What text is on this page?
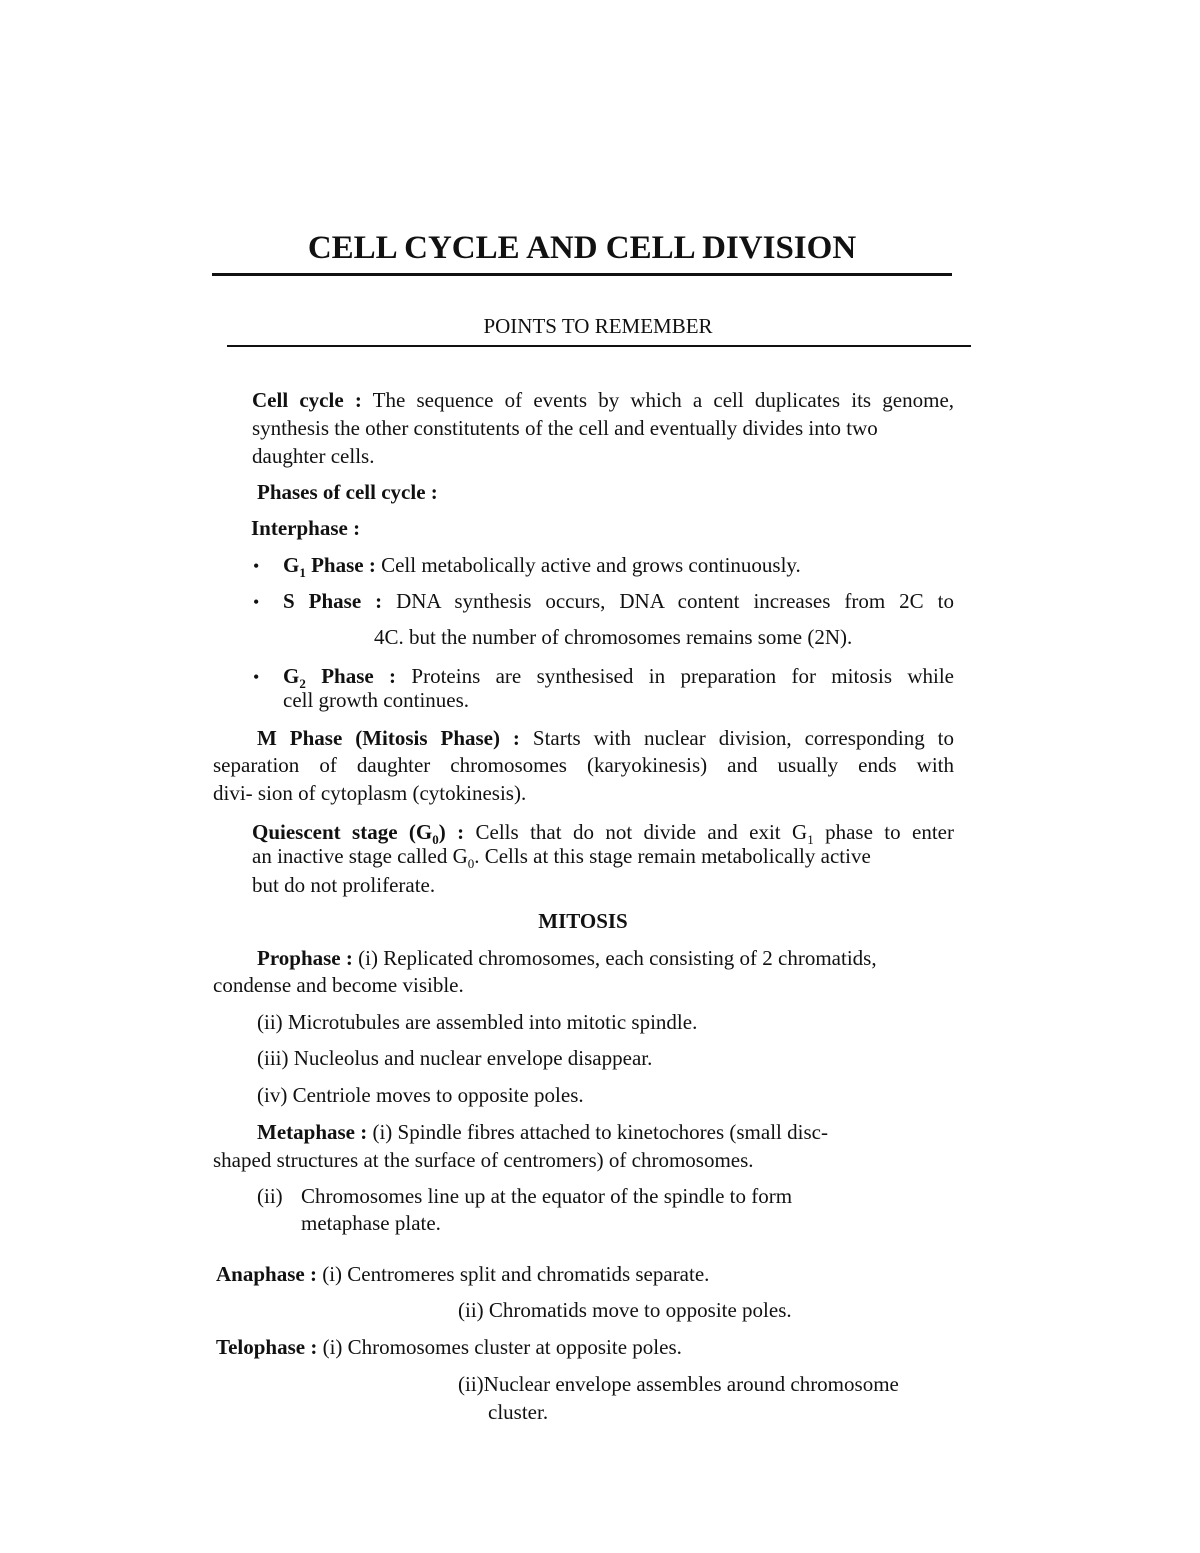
CELL CYCLE AND CELL DIVISION
POINTS TO REMEMBER
Cell cycle : The sequence of events by which a cell duplicates its genome,
synthesis the other constitutents of the cell and eventually divides into two
daughter cells.
Phases of cell cycle :
Interphase :
• $G_1$ Phase : Cell metabolically active and grows continuously.
• S Phase : DNA synthesis occurs, DNA content increases from 2C to
4C. but the number of chromosomes remains some (2N).
• $G_2$ Phase : Proteins are synthesised in preparation for mitosis while
cell growth continues.
M Phase (Mitosis Phase) : Starts with nuclear division, corresponding to
separation of daughter chromosomes (karyokinesis) and usually ends with
divi- sion of cytoplasm (cytokinesis).
Quiescent stage $(G_0)$ : Cells that do not divide and exit $G_1$ phase to enter
an inactive stage called $G_0$. Cells at this stage remain metabolically active
but do not proliferate.
MITOSIS
Prophase : (i) Replicated chromosomes, each consisting of 2 chromatids,
condense and become visible.
(ii) Microtubules are assembled into mitotic spindle.
(iii) Nucleolus and nuclear envelope disappear.
(iv) Centriole moves to opposite poles.
Metaphase : (i) Spindle fibres attached to kinetochores (small disc-
shaped structures at the surface of centromers) of chromosomes.
(ii) Chromosomes line up at the equator of the spindle to form
metaphase plate.
Anaphase : (i) Centromeres split and chromatids separate.
(ii) Chromatids move to opposite poles.
Telophase : (i) Chromosomes cluster at opposite poles.
(ii)Nuclear envelope assembles around chromosome
cluster.
